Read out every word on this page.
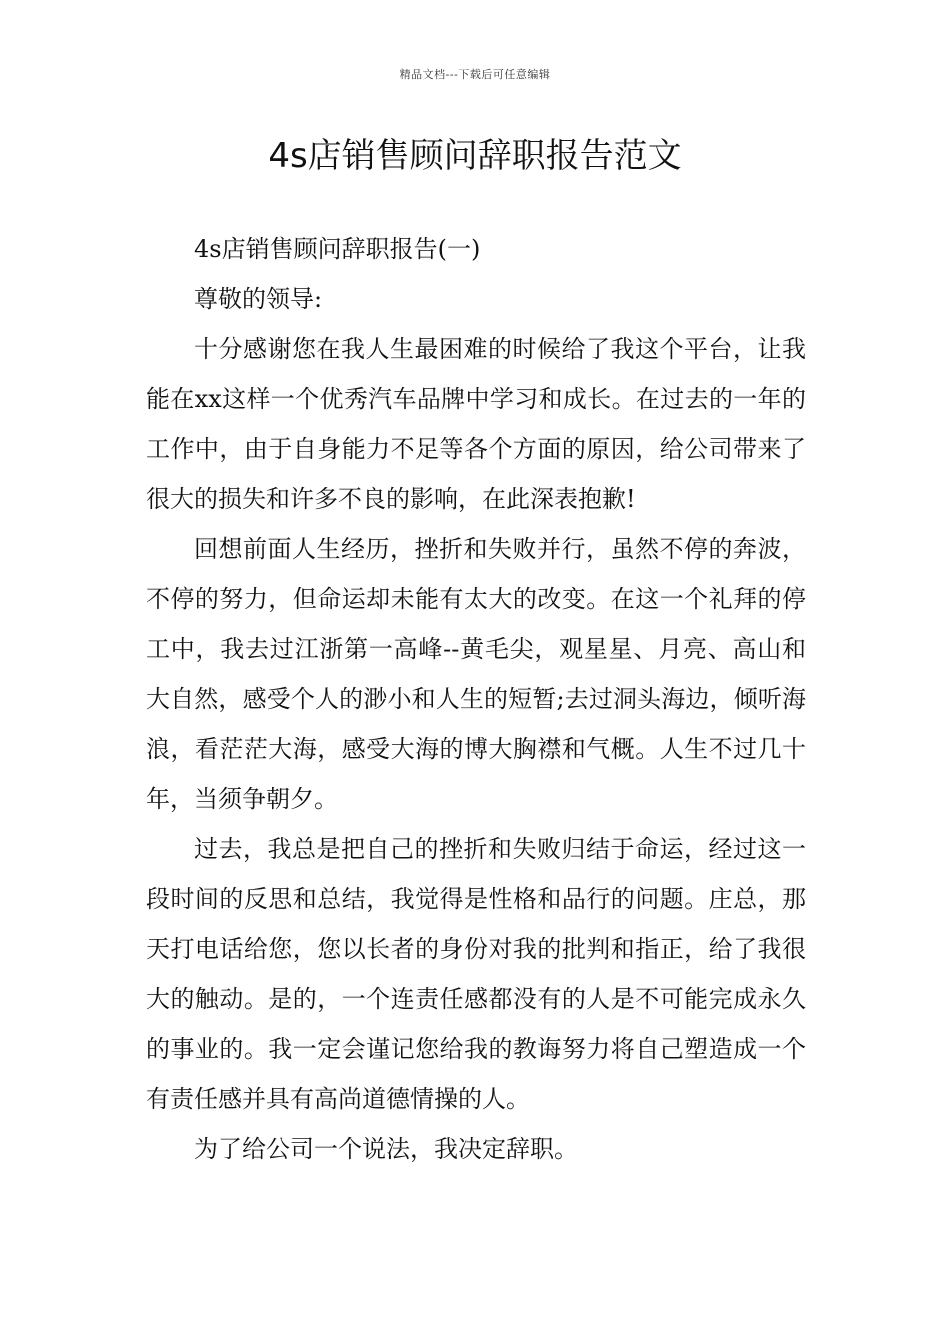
精品文档---下载后可任意编辑
4s店销售顾问辞职报告范文

4s店销售顾问辞职报告(一)

尊敬的领导:

十分感谢您在我人生最困难的时候给了我这个平台，让我能在xx这样一个优秀汽车品牌中学习和成长。在过去的一年的工作中，由于自身能力不足等各个方面的原因，给公司带来了很大的损失和许多不良的影响，在此深表抱歉!

回想前面人生经历，挫折和失败并行，虽然不停的奔波，不停的努力，但命运却未能有太大的改变。在这一个礼拜的停工中，我去过江浙第一高峰--黄毛尖，观星星、月亮、高山和大自然，感受个人的渺小和人生的短暂;去过洞头海边，倾听海浪，看茫茫大海，感受大海的博大胸襟和气概。人生不过几十年，当须争朝夕。

过去，我总是把自己的挫折和失败归结于命运，经过这一段时间的反思和总结，我觉得是性格和品行的问题。庄总，那天打电话给您，您以长者的身份对我的批判和指正，给了我很大的触动。是的，一个连责任感都没有的人是不可能完成永久的事业的。我一定会谨记您给我的教诲努力将自己塑造成一个有责任感并具有高尚道德情操的人。

为了给公司一个说法，我决定辞职。
